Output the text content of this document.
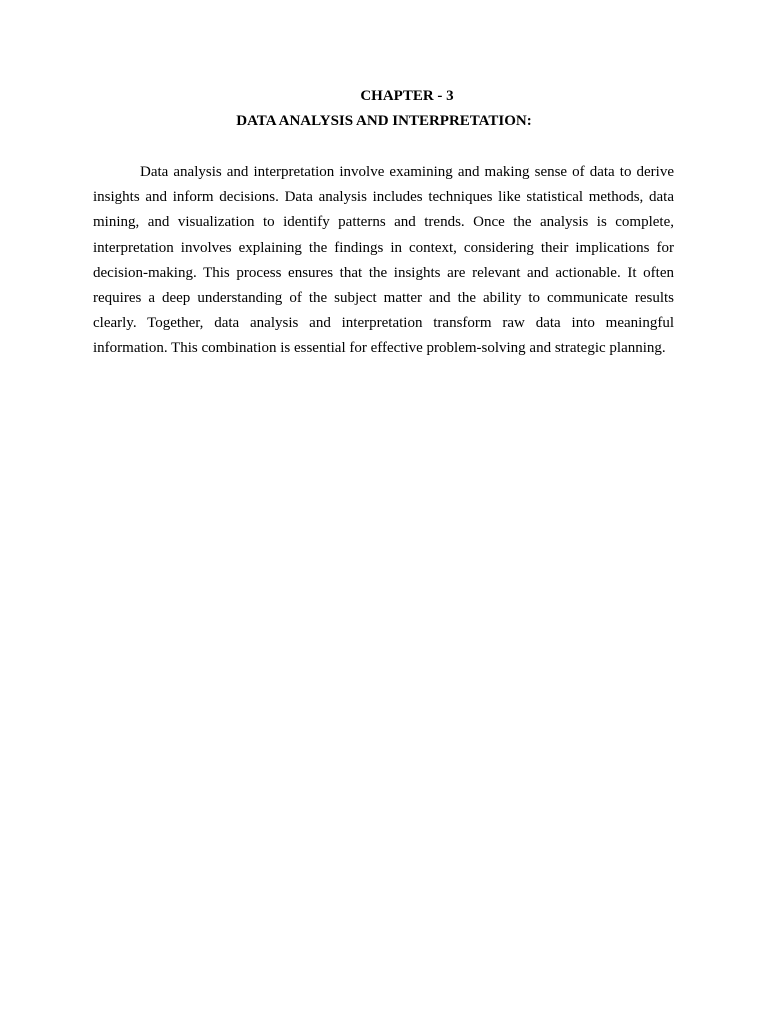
CHAPTER - 3
DATA ANALYSIS AND INTERPRETATION:

Data analysis and interpretation involve examining and making sense of data to derive insights and inform decisions. Data analysis includes techniques like statistical methods, data mining, and visualization to identify patterns and trends. Once the analysis is complete, interpretation involves explaining the findings in context, considering their implications for decision-making. This process ensures that the insights are relevant and actionable. It often requires a deep understanding of the subject matter and the ability to communicate results clearly. Together, data analysis and interpretation transform raw data into meaningful information. This combination is essential for effective problem-solving and strategic planning.
